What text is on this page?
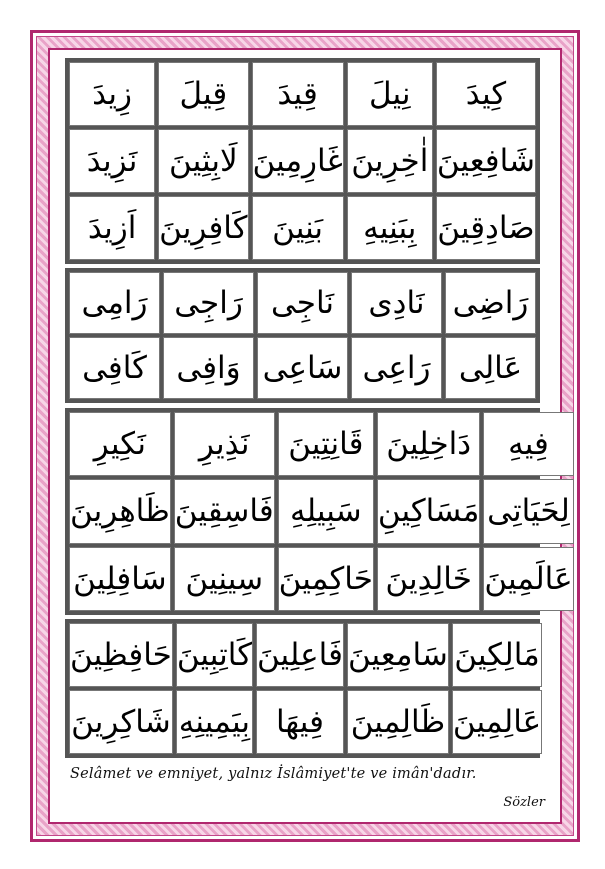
زِيدَ	قِيلَ	قِيدَ	نِيلَ	كِيدَ
نَزِيدَ	لَابِثِينَ غَارِمِينَ اٰخِرِينَ شَافِعِينَ
اَزِيدَ كَافِرِينَ بَنِينَ	بِبَنِيهِ صَادِقِينَ
رَامِى رَاجِى نَاجِى	نَادِى رَاضِى
كَافِى وَافِى سَاعِى رَاعِى عَالِى
نَكِيرِ	نَذِيرِ	قَانِتِينَ دَاخِلِينَ	فِيهِ
ظَاهِرِينَ فَاسِقِينَ سَبِيلِهِ مَسَاكِينِ لِحَيَاتِى
سَافِلِينَ سِينِينَ حَاكِمِينَ خَالِدِينَ عَالَمِينَ
حَافِظِينَ كَاتِبِينَ فَاعِلِينَ سَامِعِينَ مَالِكِينَ
شَاكِرِينَ بِيَمِينِهِ فِيهَا ظَالِمِينَ عَالِمِينَ
Selâmet ve emniyet, yalnız İslâmiyet'te ve imân'dadır.
Sözler
